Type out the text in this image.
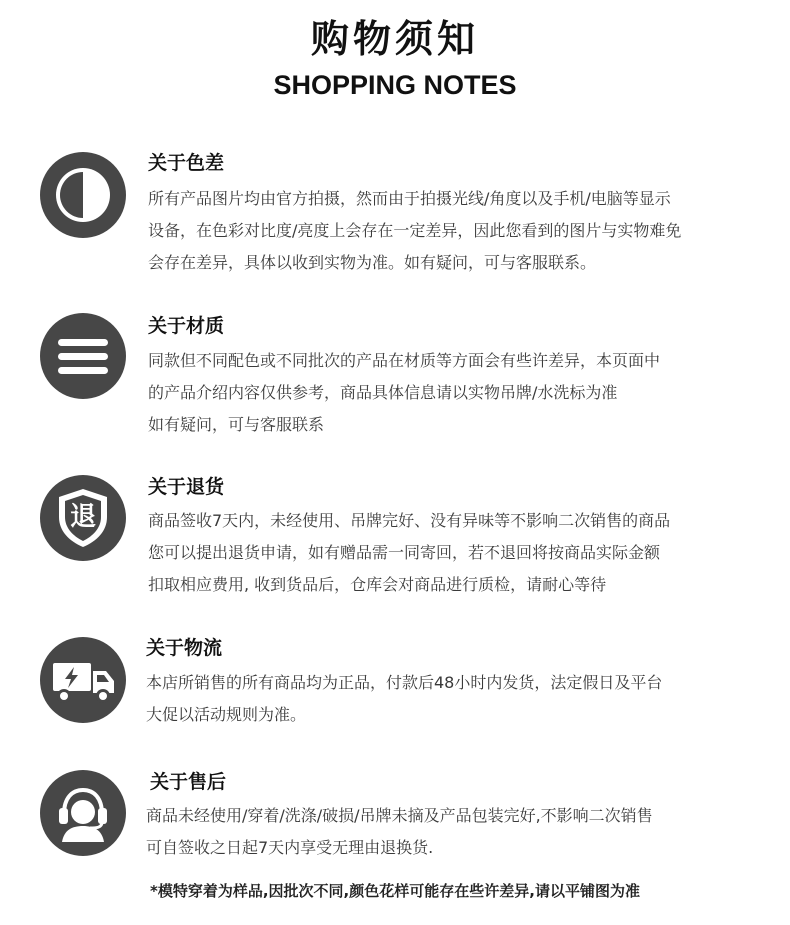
购物须知
SHOPPING NOTES
关于色差
所有产品图片均由官方拍摄，然而由于拍摄光线/角度以及手机/电脑等显示
设备，在色彩对比度/亮度上会存在一定差异，因此您看到的图片与实物难免
会存在差异，具体以收到实物为准。如有疑问，可与客服联系。
关于材质
同款但不同配色或不同批次的产品在材质等方面会有些许差异，本页面中
的产品介绍内容仅供参考，商品具体信息请以实物吊牌/水洗标为准
如有疑问，可与客服联系
退
关于退货
商品签收7天内，未经使用、吊牌完好、没有异味等不影响二次销售的商品
您可以提出退货申请，如有赠品需一同寄回，若不退回将按商品实际金额
扣取相应费用, 收到货品后，仓库会对商品进行质检，请耐心等待
关于物流
本店所销售的所有商品均为正品，付款后48小时内发货，法定假日及平台
大促以活动规则为准。
关于售后
商品未经使用/穿着/洗涤/破损/吊牌未摘及产品包装完好,不影响二次销售
可自签收之日起7天内享受无理由退换货.
*模特穿着为样品,因批次不同,颜色花样可能存在些许差异,请以平铺图为准
